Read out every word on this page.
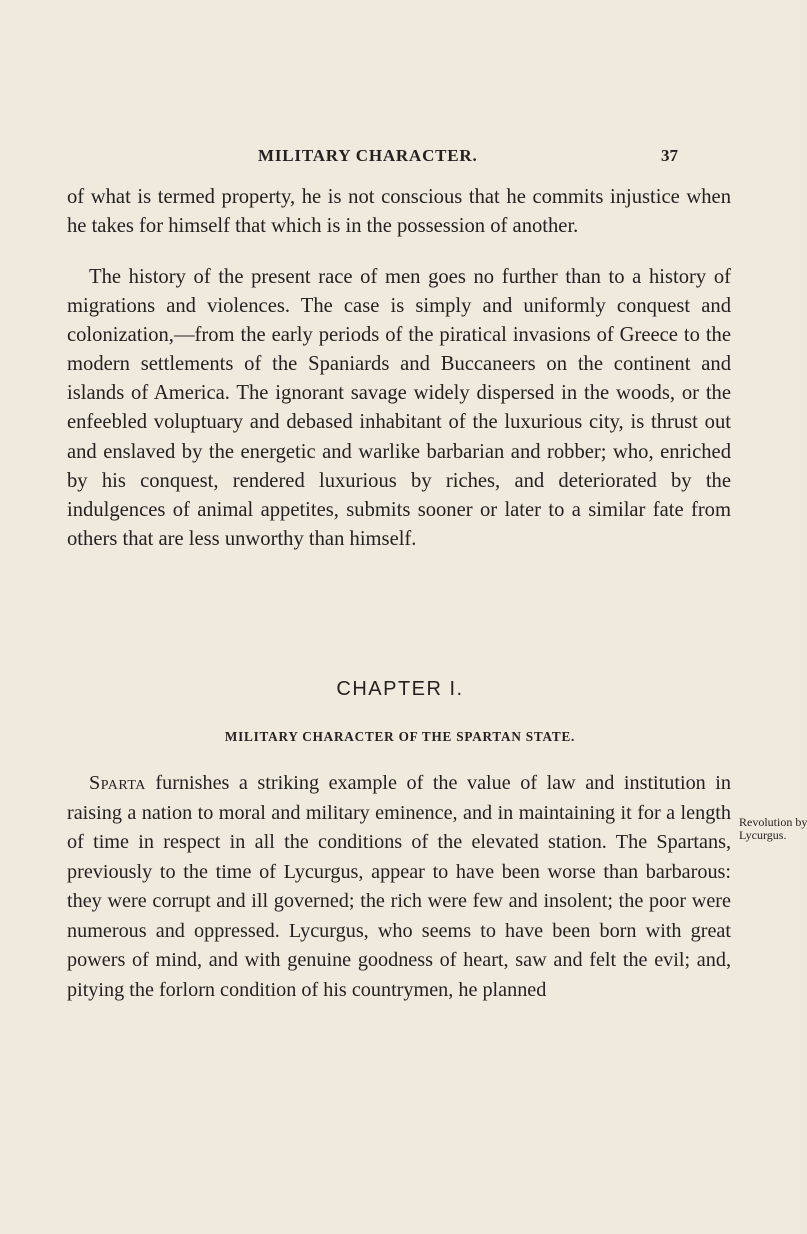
MILITARY CHARACTER.	37
of what is termed property, he is not conscious that he commits injustice when he takes for himself that which is in the possession of another.
The history of the present race of men goes no further than to a history of migrations and violences. The case is simply and uniformly conquest and colonization,—from the early periods of the piratical invasions of Greece to the modern settlements of the Spaniards and Buccaneers on the continent and islands of America. The ignorant savage widely dispersed in the woods, or the enfeebled voluptuary and debased inhabitant of the luxurious city, is thrust out and enslaved by the energetic and warlike barbarian and robber; who, enriched by his conquest, rendered luxurious by riches, and deteriorated by the indulgences of animal appetites, submits sooner or later to a similar fate from others that are less unworthy than himself.
CHAPTER I.
MILITARY CHARACTER OF THE SPARTAN STATE.
Sparta furnishes a striking example of the value of law and institution in raising a nation to moral and military eminence, and in maintaining it for a length of time in respect in all the conditions of the elevated station. The Spartans, previously to the time of Lycurgus, appear to have been worse than barbarous: they were corrupt and ill governed; the rich were few and insolent; the poor were numerous and oppressed. Lycurgus, who seems to have been born with great powers of mind, and with genuine goodness of heart, saw and felt the evil; and, pitying the forlorn condition of his countrymen, he planned
Revolution by
Lycurgus.
